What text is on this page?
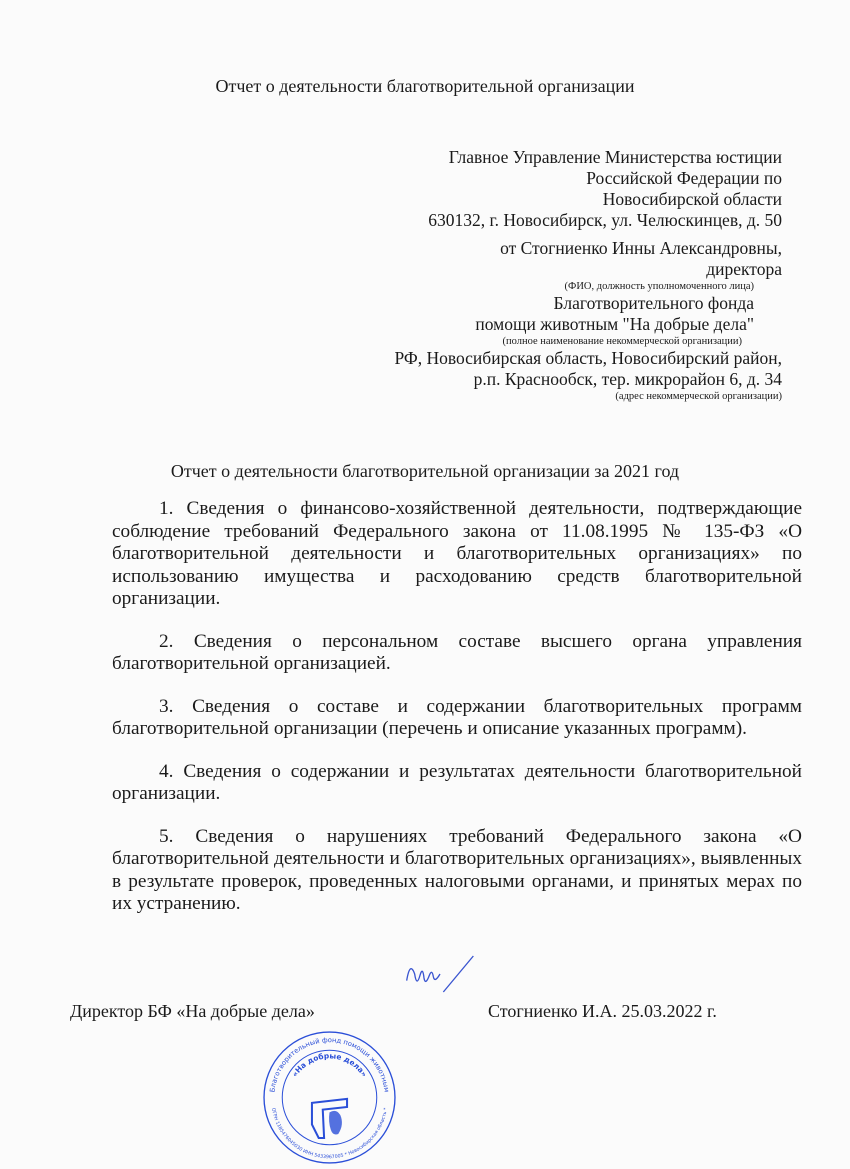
Отчет о деятельности благотворительной организации
Главное Управление Министерства юстиции
Российской Федерации по
Новосибирской области
630132, г. Новосибирск, ул. Челюскинцев, д. 50
от Стогниенко Инны Александровны,
директора
(ФИО, должность уполномоченного лица)
Благотворительного фонда
помощи животным "На добрые дела"
(полное наименование некоммерческой организации)
РФ, Новосибирская область, Новосибирский район,
р.п. Краснообск, тер. микрорайон 6, д. 34
(адрес некоммерческой организации)
Отчет о деятельности благотворительной организации за 2021 год
1. Сведения о финансово-хозяйственной деятельности, подтверждающие соблюдение требований Федерального закона от 11.08.1995 № 135-ФЗ «О благотворительной деятельности и благотворительных организациях» по использованию имущества и расходованию средств благотворительной организации.
2. Сведения о персональном составе высшего органа управления благотворительной организацией.
3. Сведения о составе и содержании благотворительных программ благотворительной организации (перечень и описание указанных программ).
4. Сведения о содержании и результатах деятельности благотворительной организации.
5. Сведения о нарушениях требований Федерального закона «О благотворительной деятельности и благотворительных организациях», выявленных в результате проверок, проведенных налоговыми органами, и принятых мерах по их устранению.
Директор БФ «На добрые дела»	Стогниенко И.А. 25.03.2022 г.
Благотворительный фонд помощи животным
«На добрые дела»
ОГРН 1185476045030 ИНН 5433967005 * Новосибирская область *
